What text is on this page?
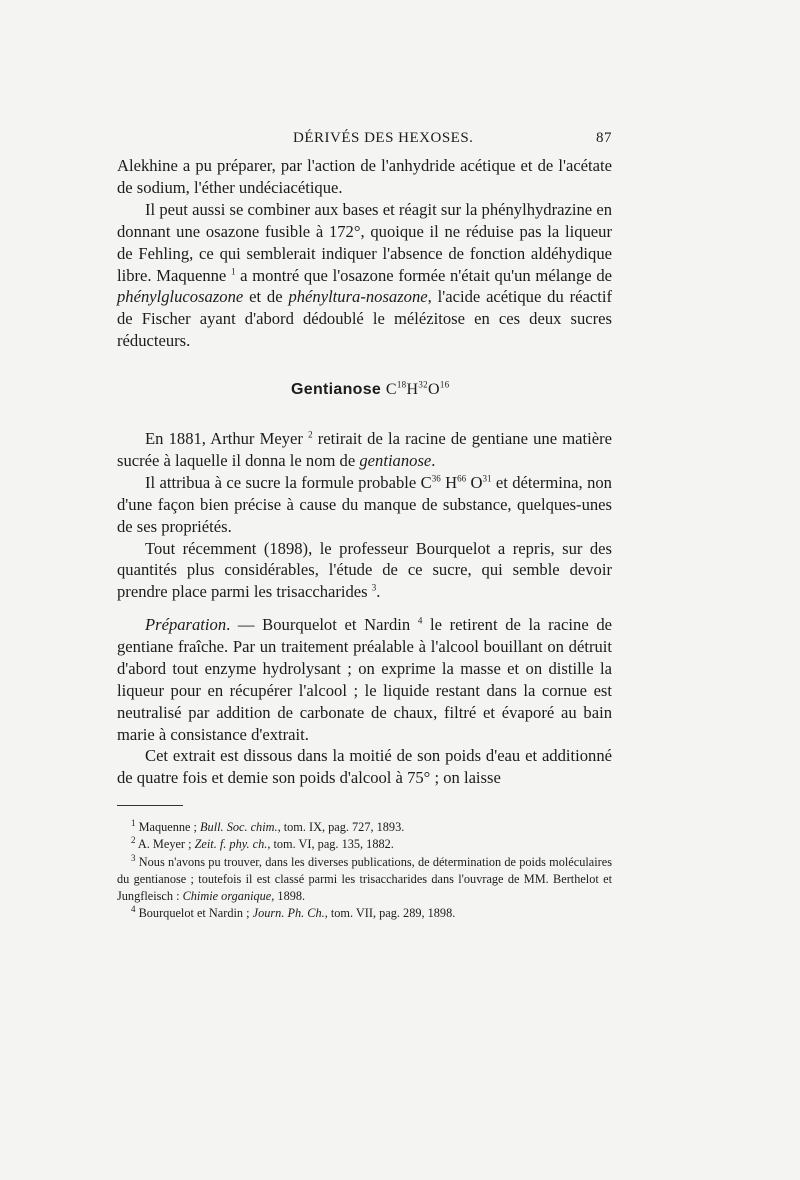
DÉRIVÉS DES HEXOSES.	87

Alekhine a pu préparer, par l'action de l'anhydride acétique et de l'acétate de sodium, l'éther undéciacétique.

Il peut aussi se combiner aux bases et réagit sur la phénylhydrazine en donnant une osazone fusible à 172°, quoique il ne réduise pas la liqueur de Fehling, ce qui semblerait indiquer l'absence de fonction aldéhydique libre. Maquenne $^1$ a montré que l'osazone formée n'était qu'un mélange de phénylglucosazone et de phényltura-nosazone, l'acide acétique du réactif de Fischer ayant d'abord dédoublé le mélézitose en ces deux sucres réducteurs.

Gentianose $C^{18}H^{32}O^{16}$

En 1881, Arthur Meyer $^2$ retirait de la racine de gentiane une matière sucrée à laquelle il donna le nom de gentianose.

Il attribua à ce sucre la formule probable $C^{36}$ $H^{66}$ $O^{31}$ et détermina, non d'une façon bien précise à cause du manque de substance, quelques-unes de ses propriétés.

Tout récemment (1898), le professeur Bourquelot a repris, sur des quantités plus considérables, l'étude de ce sucre, qui semble devoir prendre place parmi les trisaccharides $^3$.

Préparation. — Bourquelot et Nardin $^4$ le retirent de la racine de gentiane fraîche. Par un traitement préalable à l'alcool bouillant on détruit d'abord tout enzyme hydrolysant ; on exprime la masse et on distille la liqueur pour en récupérer l'alcool ; le liquide restant dans la cornue est neutralisé par addition de carbonate de chaux, filtré et évaporé au bain marie à consistance d'extrait.

Cet extrait est dissous dans la moitié de son poids d'eau et additionné de quatre fois et demie son poids d'alcool à 75° ; on laisse

$^1$ Maquenne ; Bull. Soc. chim., tom. IX, pag. 727, 1893.

$^2$ A. Meyer ; Zeit. f. phy. ch., tom. VI, pag. 135, 1882.

$^3$ Nous n'avons pu trouver, dans les diverses publications, de détermination de poids moléculaires du gentianose ; toutefois il est classé parmi les trisaccharides dans l'ouvrage de MM. Berthelot et Jungfleisch : Chimie organique, 1898.

$^4$ Bourquelot et Nardin ; Journ. Ph. Ch., tom. VII, pag. 289, 1898.
